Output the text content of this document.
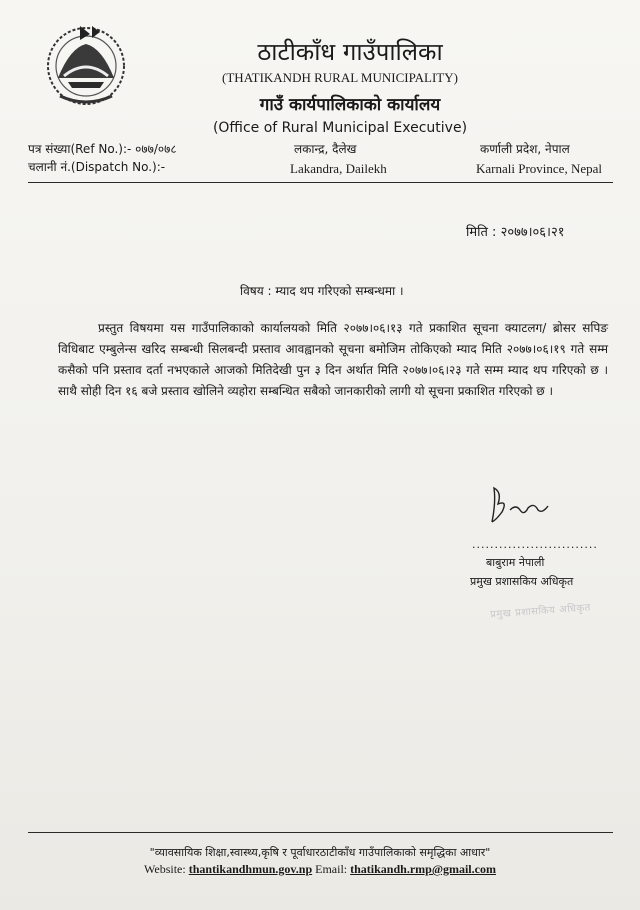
ठाटीकाँध गाउँपालिका
(THATIKANDH RURAL MUNICIPALITY)
गाउँ कार्यपालिकाको कार्यालय
(Office of Rural Municipal Executive)
पत्र संख्या(Ref No.):- ०७७/०७८
चलानी नं.(Dispatch No.):-
लकान्द्र, दैलेख
Lakandra, Dailekh
कर्णाली प्रदेश, नेपाल
Karnali Province, Nepal
मिति : २०७७।०६।२१
विषय : म्याद थप गरिएको सम्बन्धमा ।
प्रस्तुत विषयमा यस गाउँपालिकाको कार्यालयको मिति २०७७।०६।१३ गते प्रकाशित सूचना क्याटलग/ ब्रोसर सपिङ विधिबाट एम्बुलेन्स खरिद सम्बन्धी सिलबन्दी प्रस्ताव आवह्वानको सूचना बमोजिम तोकिएको म्याद मिति २०७७।०६।१९ गते सम्म कसैको पनि प्रस्ताव दर्ता नभएकाले आजको मितिदेखी पुन ३ दिन अर्थात मिति २०७७।०६।२३ गते सम्म म्याद थप गरिएको छ । साथै सोही दिन १६ बजे प्रस्ताव खोलिने व्यहोरा सम्बन्धित सबैको जानकारीको लागी यो सूचना प्रकाशित गरिएको छ ।
............................
बाबुराम नेपाली
प्रमुख प्रशासकिय अधिकृत
प्रमुख प्रशासकिय अधिकृत
"व्यावसायिक शिक्षा,स्वास्थ्य,कृषि र पूर्वाधारठाटीकाँध गाउँपालिकाको समृद्धिका आधार"
Website: thantikandhmun.gov.np Email: thatikandh.rmp@gmail.com
